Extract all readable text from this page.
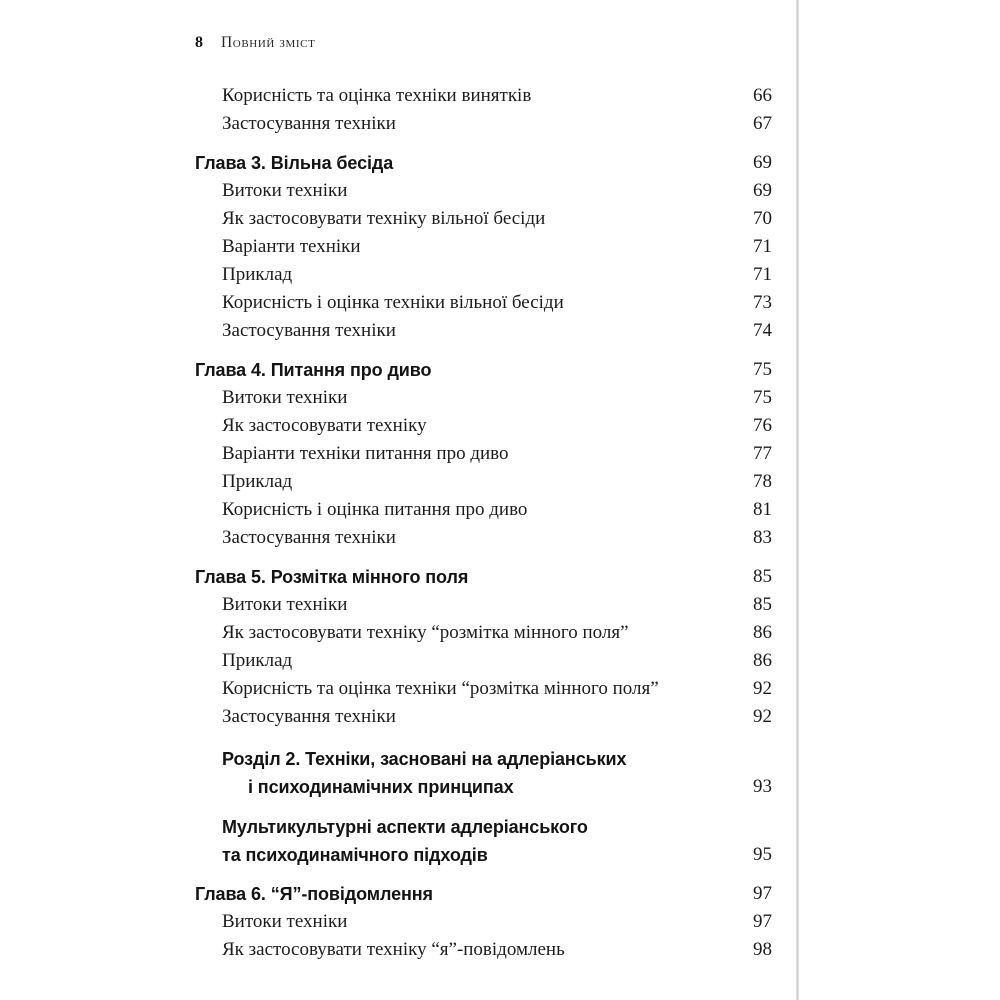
8 Повний зміст
Корисність та оцінка техніки винятків	66
Застосування техніки	67
Глава 3. Вільна бесіда	69
Витоки техніки	69
Як застосовувати техніку вільної бесіди	70
Варіанти техніки	71
Приклад	71
Корисність і оцінка техніки вільної бесіди	73
Застосування техніки	74
Глава 4. Питання про диво	75
Витоки техніки	75
Як застосовувати техніку	76
Варіанти техніки питання про диво	77
Приклад	78
Корисність і оцінка питання про диво	81
Застосування техніки	83
Глава 5. Розмітка мінного поля	85
Витоки техніки	85
Як застосовувати техніку “розмітка мінного поля”	86
Приклад	86
Корисність та оцінка техніки “розмітка мінного поля”	92
Застосування техніки	92
Розділ 2. Техніки, засновані на адлеріанських
і психодинамічних принципах	93
Мультикультурні аспекти адлеріанського
та психодинамічного підходів	95
Глава 6. “Я”-повідомлення	97
Витоки техніки	97
Як застосовувати техніку “я”-повідомлень	98
